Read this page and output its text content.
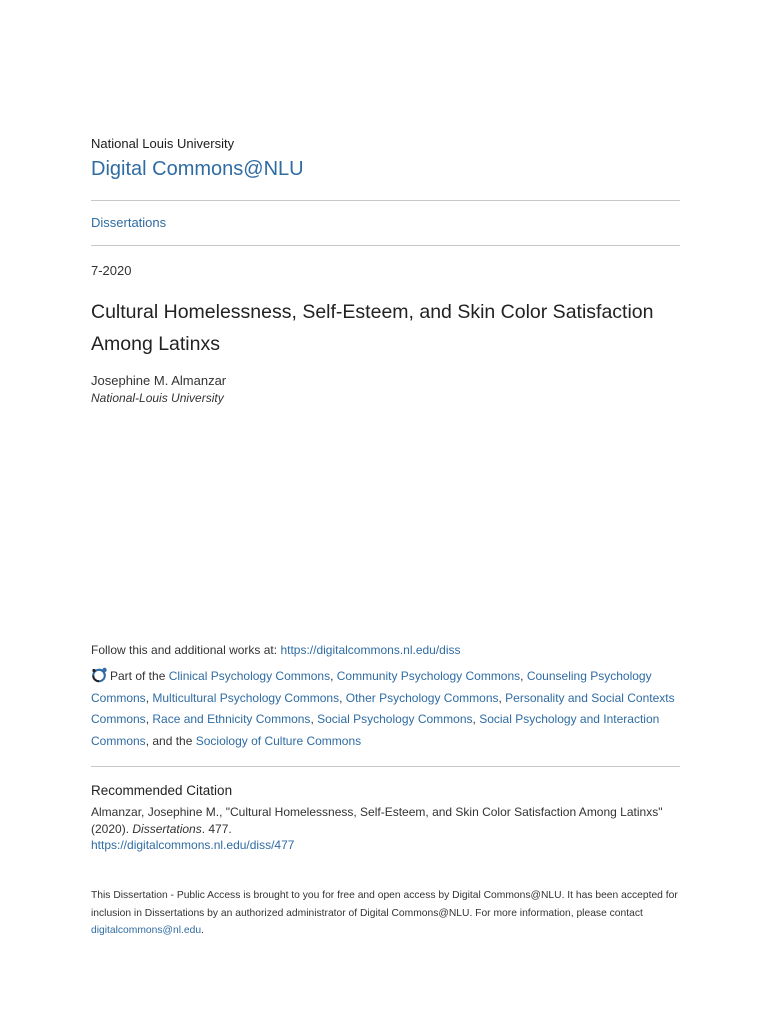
National Louis University
Digital Commons@NLU
Dissertations
7-2020
Cultural Homelessness, Self-Esteem, and Skin Color Satisfaction Among Latinxs
Josephine M. Almanzar
National-Louis University
Follow this and additional works at: https://digitalcommons.nl.edu/diss
Part of the Clinical Psychology Commons, Community Psychology Commons, Counseling Psychology Commons, Multicultural Psychology Commons, Other Psychology Commons, Personality and Social Contexts Commons, Race and Ethnicity Commons, Social Psychology Commons, Social Psychology and Interaction Commons, and the Sociology of Culture Commons
Recommended Citation
Almanzar, Josephine M., "Cultural Homelessness, Self-Esteem, and Skin Color Satisfaction Among Latinxs" (2020). Dissertations. 477.
https://digitalcommons.nl.edu/diss/477
This Dissertation - Public Access is brought to you for free and open access by Digital Commons@NLU. It has been accepted for inclusion in Dissertations by an authorized administrator of Digital Commons@NLU. For more information, please contact digitalcommons@nl.edu.
